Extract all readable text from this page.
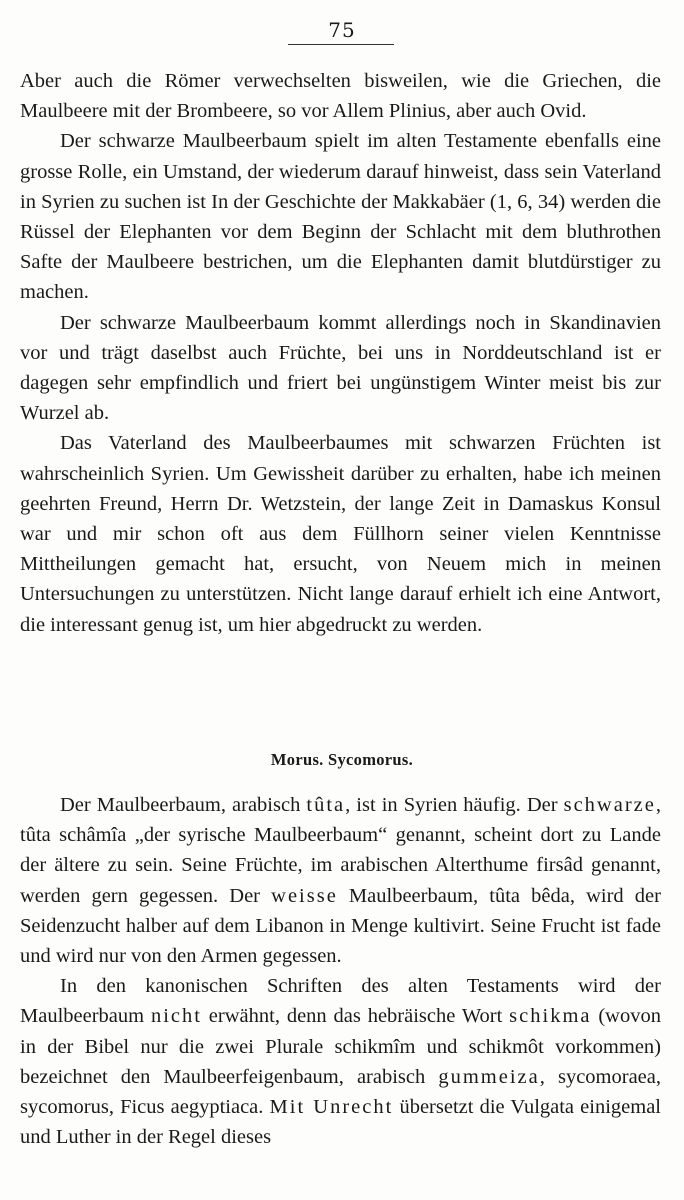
75

Aber auch die Römer verwechselten bisweilen, wie die Griechen, die Maulbeere mit der Brombeere, so vor Allem Plinius, aber auch Ovid.

Der schwarze Maulbeerbaum spielt im alten Testamente ebenfalls eine grosse Rolle, ein Umstand, der wiederum darauf hinweist, dass sein Vaterland in Syrien zu suchen ist In der Geschichte der Makkabäer (1, 6, 34) werden die Rüssel der Elephanten vor dem Beginn der Schlacht mit dem bluthrothen Safte der Maulbeere bestrichen, um die Elephanten damit blutdürstiger zu machen.

Der schwarze Maulbeerbaum kommt allerdings noch in Skandinavien vor und trägt daselbst auch Früchte, bei uns in Norddeutschland ist er dagegen sehr empfindlich und friert bei ungünstigem Winter meist bis zur Wurzel ab.

Das Vaterland des Maulbeerbaumes mit schwarzen Früchten ist wahrscheinlich Syrien. Um Gewissheit darüber zu erhalten, habe ich meinen geehrten Freund, Herrn Dr. Wetzstein, der lange Zeit in Damaskus Konsul war und mir schon oft aus dem Füllhorn seiner vielen Kenntnisse Mittheilungen gemacht hat, ersucht, von Neuem mich in meinen Untersuchungen zu unterstützen. Nicht lange darauf erhielt ich eine Antwort, die interessant genug ist, um hier abgedruckt zu werden.

Morus. Sycomorus.

Der Maulbeerbaum, arabisch tûta, ist in Syrien häufig. Der schwarze, tûta schâmîa „der syrische Maulbeerbaum“ genannt, scheint dort zu Lande der ältere zu sein. Seine Früchte, im arabischen Alterthume firsâd genannt, werden gern gegessen. Der weisse Maulbeerbaum, tûta bêda, wird der Seidenzucht halber auf dem Libanon in Menge kultivirt. Seine Frucht ist fade und wird nur von den Armen gegessen.

In den kanonischen Schriften des alten Testaments wird der Maulbeerbaum nicht erwähnt, denn das hebräische Wort schikma (wovon in der Bibel nur die zwei Plurale schikmîm und schikmôt vorkommen) bezeichnet den Maulbeerfeigenbaum, arabisch gummeiza, sycomoraea, sycomorus, Ficus aegyptiaca. Mit Unrecht übersetzt die Vulgata einigemal und Luther in der Regel dieses
